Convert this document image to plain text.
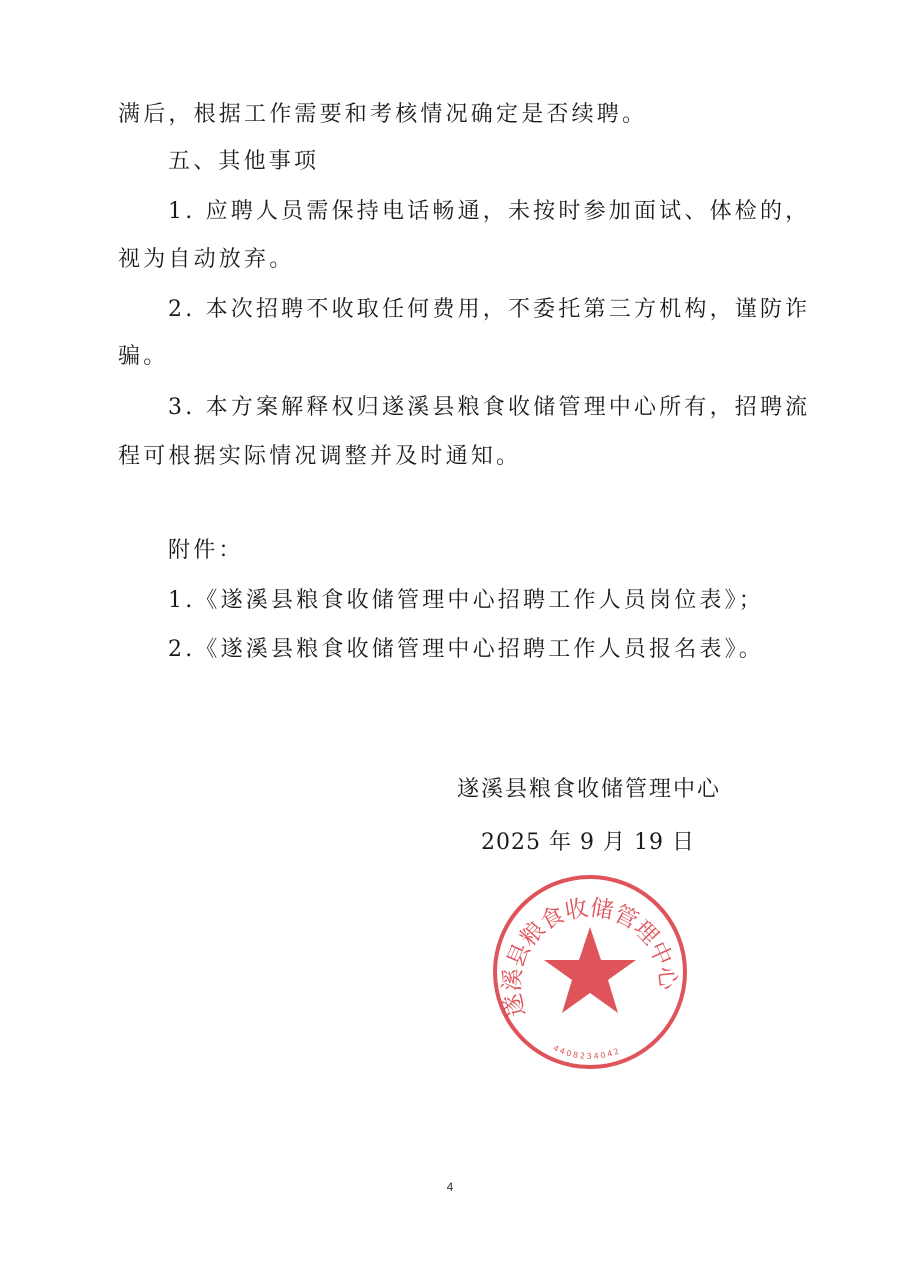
满后，根据工作需要和考核情况确定是否续聘。
五、其他事项
1. 应聘人员需保持电话畅通，未按时参加面试、体检的，
视为自动放弃。
2. 本次招聘不收取任何费用，不委托第三方机构，谨防诈
骗。
3. 本方案解释权归遂溪县粮食收储管理中心所有，招聘流
程可根据实际情况调整并及时通知。
附件：
1.《遂溪县粮食收储管理中心招聘工作人员岗位表》；
2.《遂溪县粮食收储管理中心招聘工作人员报名表》。
遂溪县粮食收储管理中心
2025 年 9 月 19 日
遂溪县粮食收储管理中心
4408234042
4
